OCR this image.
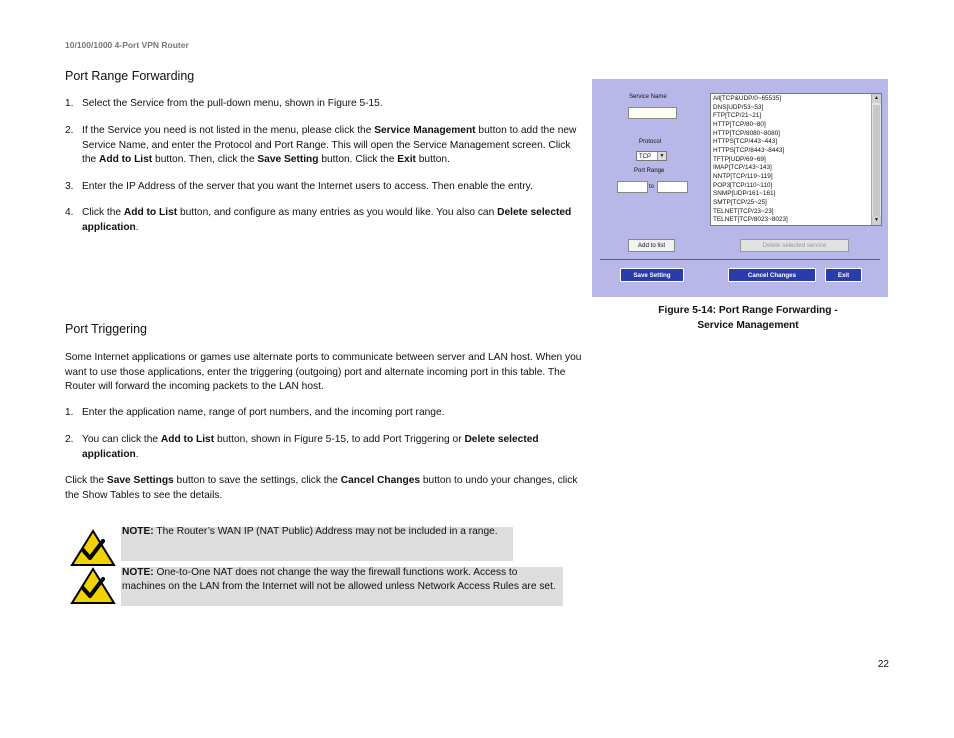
10/100/1000 4-Port VPN Router
Port Range Forwarding
1. Select the Service from the pull-down menu, shown in Figure 5-15.
2. If the Service you need is not listed in the menu, please click the Service Management button to add the new Service Name, and enter the Protocol and Port Range. This will open the Service Management screen. Click the Add to List button. Then, click the Save Setting button. Click the Exit button.
3. Enter the IP Address of the server that you want the Internet users to access. Then enable the entry.
4. Click the Add to List button, and configure as many entries as you would like. You also can Delete selected application.
Service Name
Protocol
TCP	▼
Port Range
to
All[TCP&UDP/0~65535]
DNS[UDP/53~53]
FTP[TCP/21~21]
HTTP[TCP/80~80]
HTTP[TCP/8080~8080]
HTTPS[TCP/443~443]
HTTPS[TCP/8443~8443]
TFTP[UDP/69~69]
IMAP[TCP/143~143]
NNTP[TCP/119~119]
POP3[TCP/110~110]
SNMP[UDP/161~161]
SMTP[TCP/25~25]
TELNET[TCP/23~23]
TELNET[TCP/8023~8023]
▲
▼
Add to list	Delete selected service
Save Setting	Cancel Changes	Exit
Figure 5-14: Port Range Forwarding -
Service Management
Port Triggering
Some Internet applications or games use alternate ports to communicate between server and LAN host. When you want to use those applications, enter the triggering (outgoing) port and alternate incoming port in this table. The Router will forward the incoming packets to the LAN host.
1. Enter the application name, range of port numbers, and the incoming port range.
2. You can click the Add to List button, shown in Figure 5-15, to add Port Triggering or Delete selected application.
Click the Save Settings button to save the settings, click the Cancel Changes button to undo your changes, click the Show Tables to see the details.
NOTE: The Router’s WAN IP (NAT Public) Address may not be included in a range.
NOTE: One-to-One NAT does not change the way the firewall functions work. Access to machines on the LAN from the Internet will not be allowed unless Network Access Rules are set.
22
